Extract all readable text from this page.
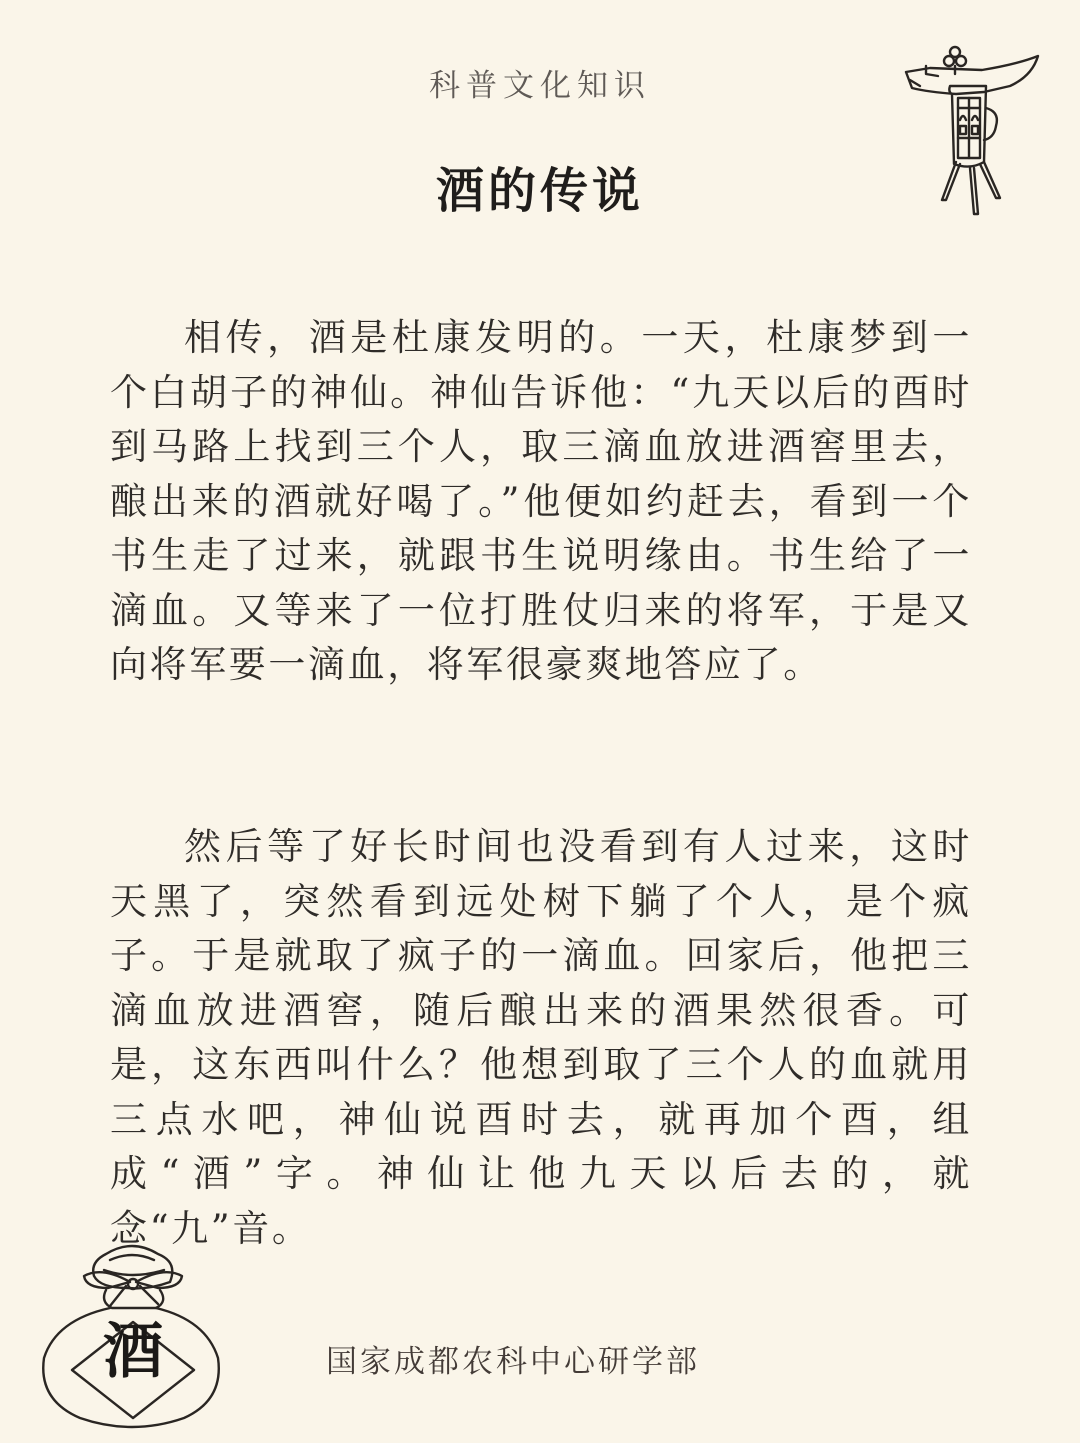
科普文化知识
酒的传说

相传，酒是杜康发明的。一天，杜康梦到一个白胡子的神仙。神仙告诉他：“九天以后的酉时到马路上找到三个人，取三滴血放进酒窖里去，酿出来的酒就好喝了。”他便如约赶去，看到一个书生走了过来，就跟书生说明缘由。书生给了一滴血。又等来了一位打胜仗归来的将军，于是又向将军要一滴血，将军很豪爽地答应了。

然后等了好长时间也没看到有人过来，这时天黑了，突然看到远处树下躺了个人，是个疯子。于是就取了疯子的一滴血。回家后，他把三滴血放进酒窖，随后酿出来的酒果然很香。可是，这东西叫什么？他想到取了三个人的血就用三点水吧，神仙说酉时去，就再加个酉，组成“酒”字。神仙让他九天以后去的，就念“九”音。

酒	国家成都农科中心研学部
